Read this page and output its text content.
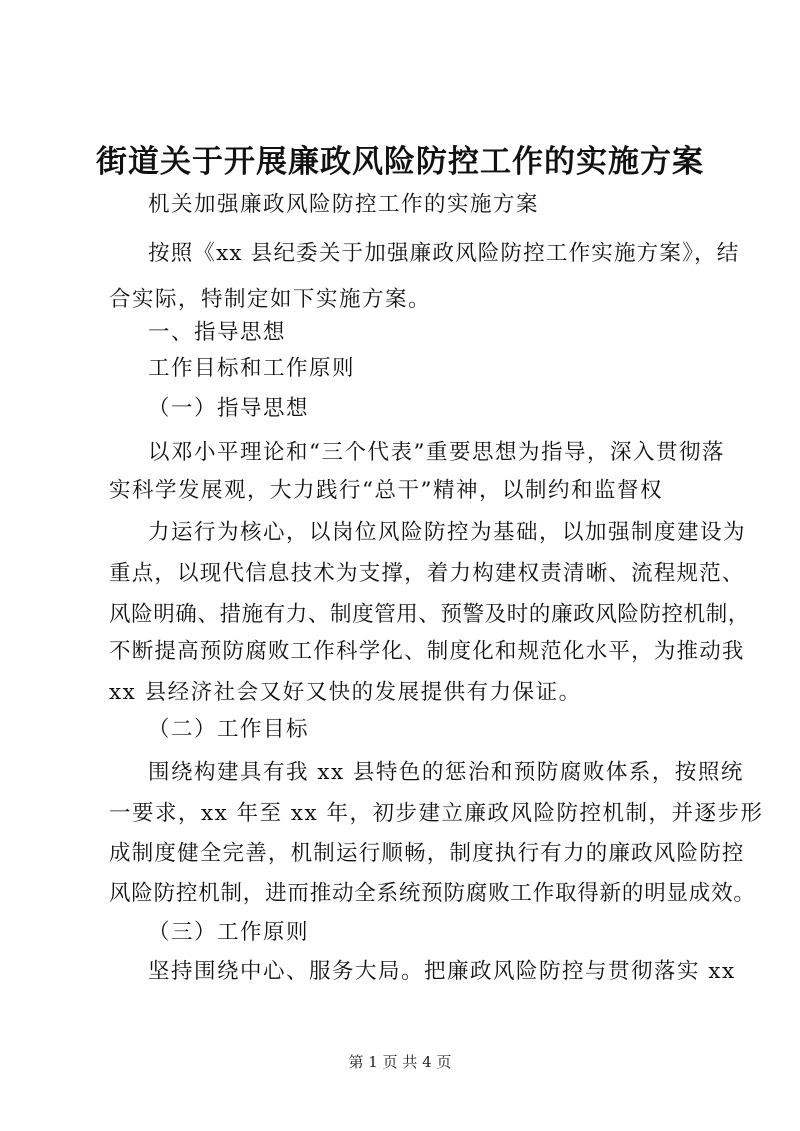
街道关于开展廉政风险防控工作的实施方案
机关加强廉政风险防控工作的实施方案
按照《xx 县纪委关于加强廉政风险防控工作实施方案》，结
合实际，特制定如下实施方案。
一、指导思想
工作目标和工作原则
（一）指导思想
以邓小平理论和“三个代表”重要思想为指导，深入贯彻落
实科学发展观，大力践行“总干”精神，以制约和监督权
力运行为核心，以岗位风险防控为基础，以加强制度建设为
重点，以现代信息技术为支撑，着力构建权责清晰、流程规范、
风险明确、措施有力、制度管用、预警及时的廉政风险防控机制，
不断提高预防腐败工作科学化、制度化和规范化水平，为推动我
xx 县经济社会又好又快的发展提供有力保证。
（二）工作目标
围绕构建具有我 xx 县特色的惩治和预防腐败体系，按照统
一要求，xx 年至 xx 年，初步建立廉政风险防控机制，并逐步形
成制度健全完善，机制运行顺畅，制度执行有力的廉政风险防控
风险防控机制，进而推动全系统预防腐败工作取得新的明显成效。
（三）工作原则
坚持围绕中心、服务大局。把廉政风险防控与贯彻落实 xx
第 1 页 共 4 页
